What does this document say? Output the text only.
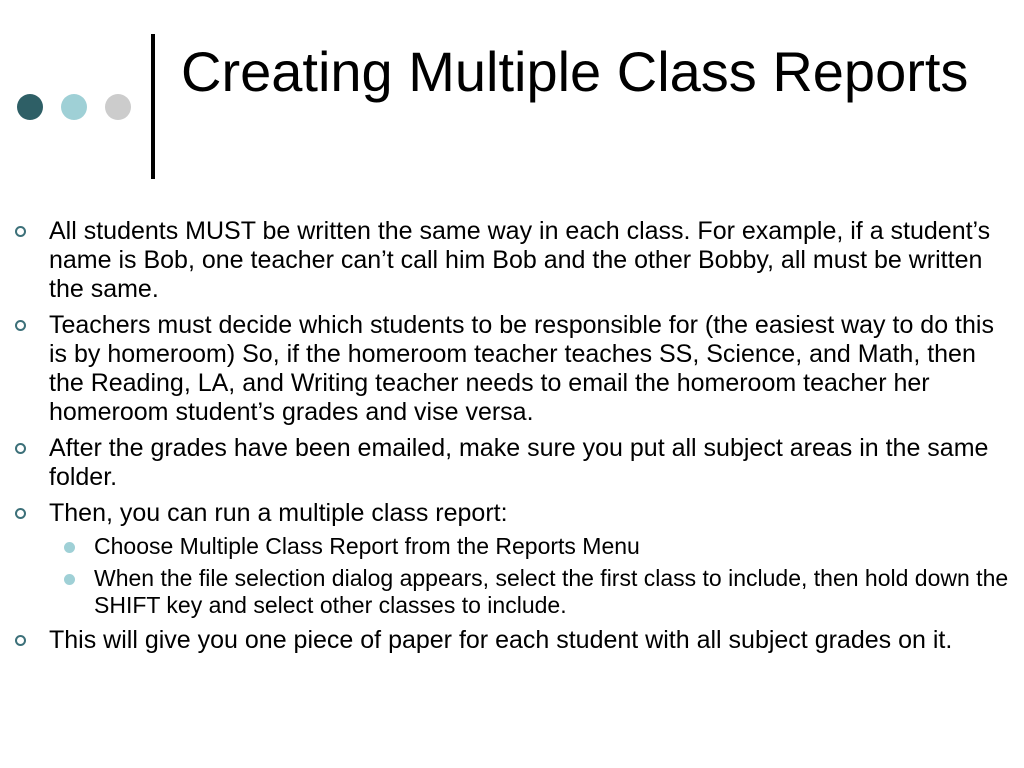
Creating Multiple Class Reports
All students MUST be written the same way in each class. For example, if a student’s name is Bob, one teacher can’t call him Bob and the other Bobby, all must be written the same.
Teachers must decide which students to be responsible for (the easiest way to do this is by homeroom) So, if the homeroom teacher teaches SS, Science, and Math, then the Reading, LA, and Writing teacher needs to email the homeroom teacher her homeroom student’s grades and vise versa.
After the grades have been emailed, make sure you put all subject areas in the same folder.
Then, you can run a multiple class report:
Choose Multiple Class Report from the Reports Menu
When the file selection dialog appears, select the first class to include, then hold down the SHIFT key and select other classes to include.
This will give you one piece of paper for each student with all subject grades on it.
